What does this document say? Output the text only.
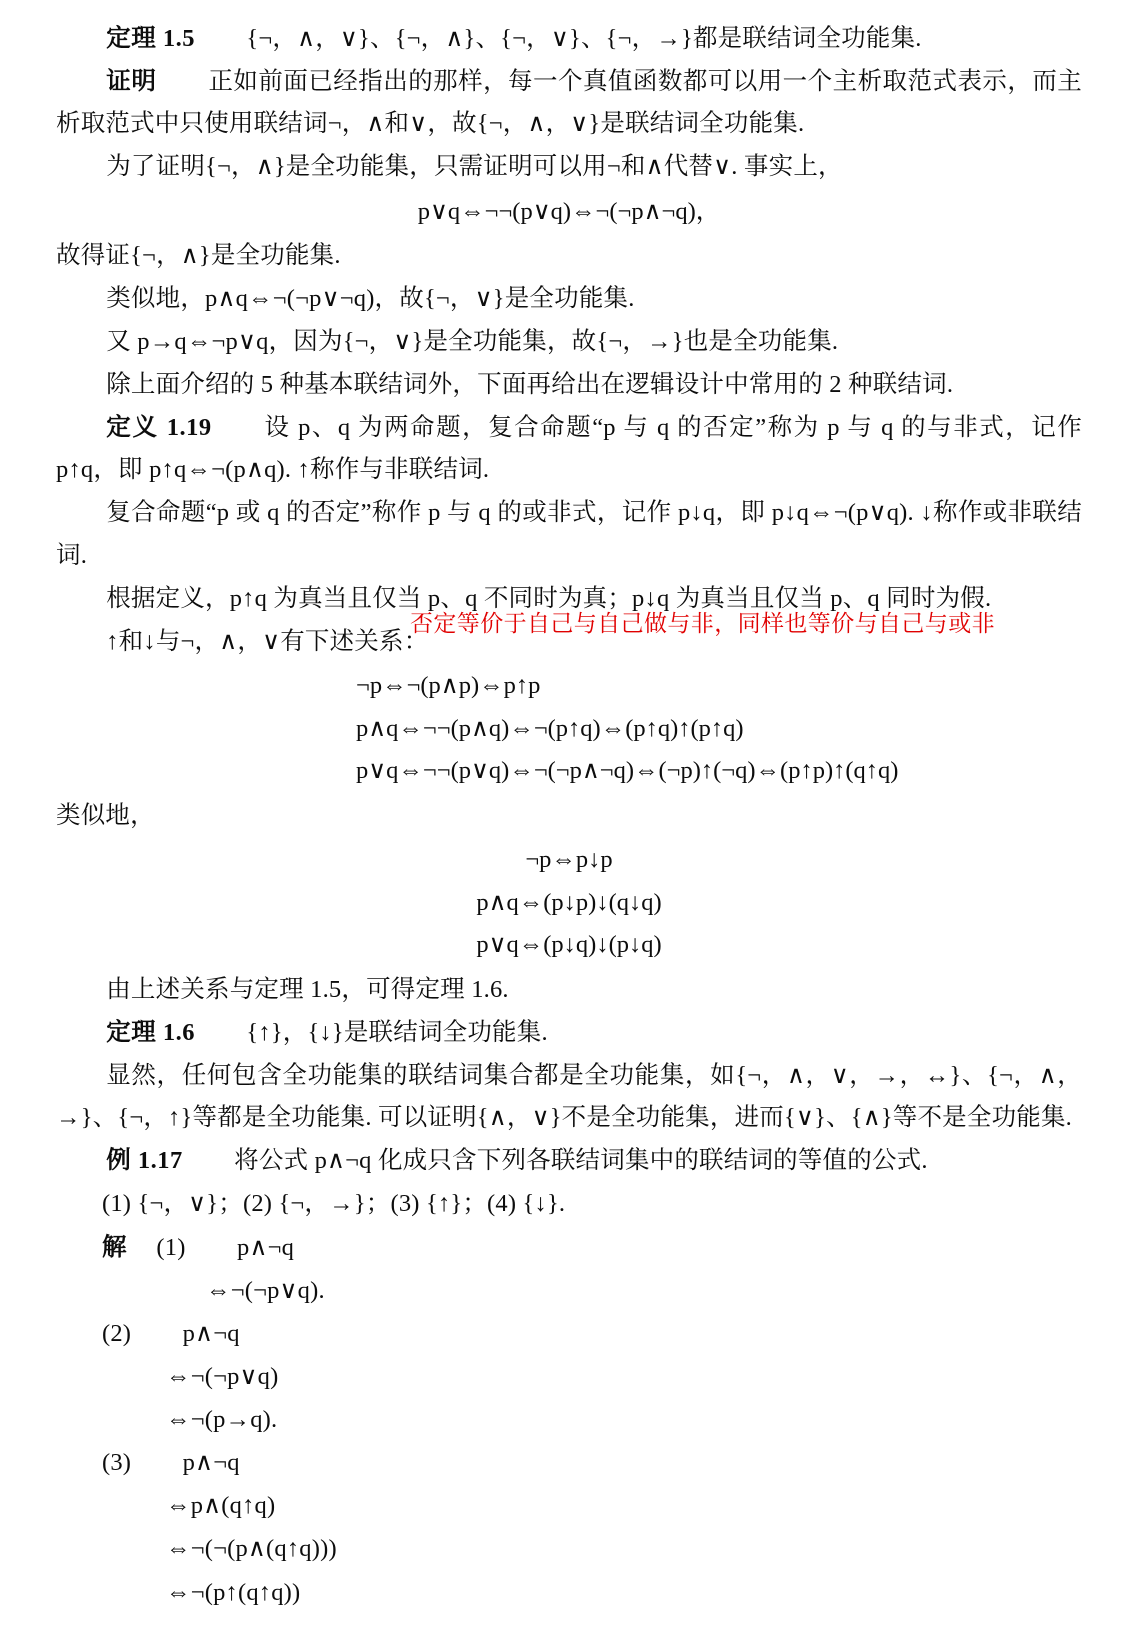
定理 1.5 {¬，∧，∨}、{¬，∧}、{¬，∨}、{¬，→}都是联结词全功能集.

证明 正如前面已经指出的那样，每一个真值函数都可以用一个主析取范式表示，而主析取范式中只使用联结词¬，∧和∨，故{¬，∧，∨}是联结词全功能集.

为了证明{¬，∧}是全功能集，只需证明可以用¬和∧代替∨. 事实上，

p∨q⇔¬¬(p∨q)⇔¬(¬p∧¬q)，

故得证{¬，∧}是全功能集.

类似地，p∧q⇔¬(¬p∨¬q)，故{¬，∨}是全功能集.

又 p→q⇔¬p∨q，因为{¬，∨}是全功能集，故{¬，→}也是全功能集.

除上面介绍的 5 种基本联结词外，下面再给出在逻辑设计中常用的 2 种联结词.

定义 1.19 设 p、q 为两命题，复合命题“p 与 q 的否定”称为 p 与 q 的与非式，记作 p↑q，即 p↑q⇔¬(p∧q). ↑称作与非联结词.

复合命题“p 或 q 的否定”称作 p 与 q 的或非式，记作 p↓q，即 p↓q⇔¬(p∨q). ↓称作或非联结词.

根据定义，p↑q 为真当且仅当 p、q 不同时为真；p↓q 为真当且仅当 p、q 同时为假.

↑和↓与¬，∧，∨有下述关系：

¬p⇔¬(p∧p)⇔p↑p
p∧q⇔¬¬(p∧q)⇔¬(p↑q)⇔(p↑q)↑(p↑q)
p∨q⇔¬¬(p∨q)⇔¬(¬p∧¬q)⇔(¬p)↑(¬q)⇔(p↑p)↑(q↑q)

类似地，

¬p⇔p↓p
p∧q⇔(p↓p)↓(q↓q)
p∨q⇔(p↓q)↓(p↓q)

由上述关系与定理 1.5，可得定理 1.6.

定理 1.6 {↑}，{↓}是联结词全功能集.

显然，任何包含全功能集的联结词集合都是全功能集，如{¬，∧，∨，→，↔}、{¬，∧，→}、{¬，↑}等都是全功能集. 可以证明{∧，∨}不是全功能集，进而{∨}、{∧}等不是全功能集.

例 1.17 将公式 p∧¬q 化成只含下列各联结词集中的联结词的等值的公式.

(1) {¬，∨}；(2) {¬，→}；(3) {↑}；(4) {↓}.

解 (1) p∧¬q

⇔¬(¬p∨q).

(2) p∧¬q

⇔¬(¬p∨q)

⇔¬(p→q).

(3) p∧¬q

⇔p∧(q↑q)

⇔¬(¬(p∧(q↑q)))

⇔¬(p↑(q↑q))

否定等价于自己与自己做与非，同样也等价与自己与或非
